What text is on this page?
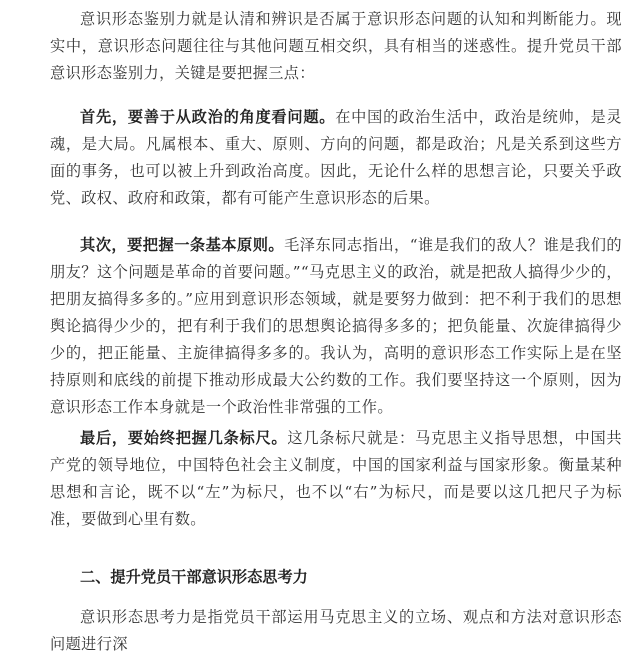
意识形态鉴别力就是认清和辨识是否属于意识形态问题的认知和判断能力。现实中，意识形态问题往往与其他问题互相交织，具有相当的迷惑性。提升党员干部意识形态鉴别力，关键是要把握三点：

首先，要善于从政治的角度看问题。在中国的政治生活中，政治是统帅，是灵魂，是大局。凡属根本、重大、原则、方向的问题，都是政治；凡是关系到这些方面的事务，也可以被上升到政治高度。因此，无论什么样的思想言论，只要关乎政党、政权、政府和政策，都有可能产生意识形态的后果。

其次，要把握一条基本原则。毛泽东同志指出，“谁是我们的敌人？谁是我们的朋友？这个问题是革命的首要问题。”“马克思主义的政治，就是把敌人搞得少少的，把朋友搞得多多的。”应用到意识形态领域，就是要努力做到：把不利于我们的思想舆论搞得少少的，把有利于我们的思想舆论搞得多多的；把负能量、次旋律搞得少少的，把正能量、主旋律搞得多多的。我认为，高明的意识形态工作实际上是在坚持原则和底线的前提下推动形成最大公约数的工作。我们要坚持这一个原则，因为意识形态工作本身就是一个政治性非常强的工作。

最后，要始终把握几条标尺。这几条标尺就是：马克思主义指导思想，中国共产党的领导地位，中国特色社会主义制度，中国的国家利益与国家形象。衡量某种思想和言论，既不以“左”为标尺，也不以“右”为标尺，而是要以这几把尺子为标准，要做到心里有数。

二、提升党员干部意识形态思考力

意识形态思考力是指党员干部运用马克思主义的立场、观点和方法对意识形态问题进行深
